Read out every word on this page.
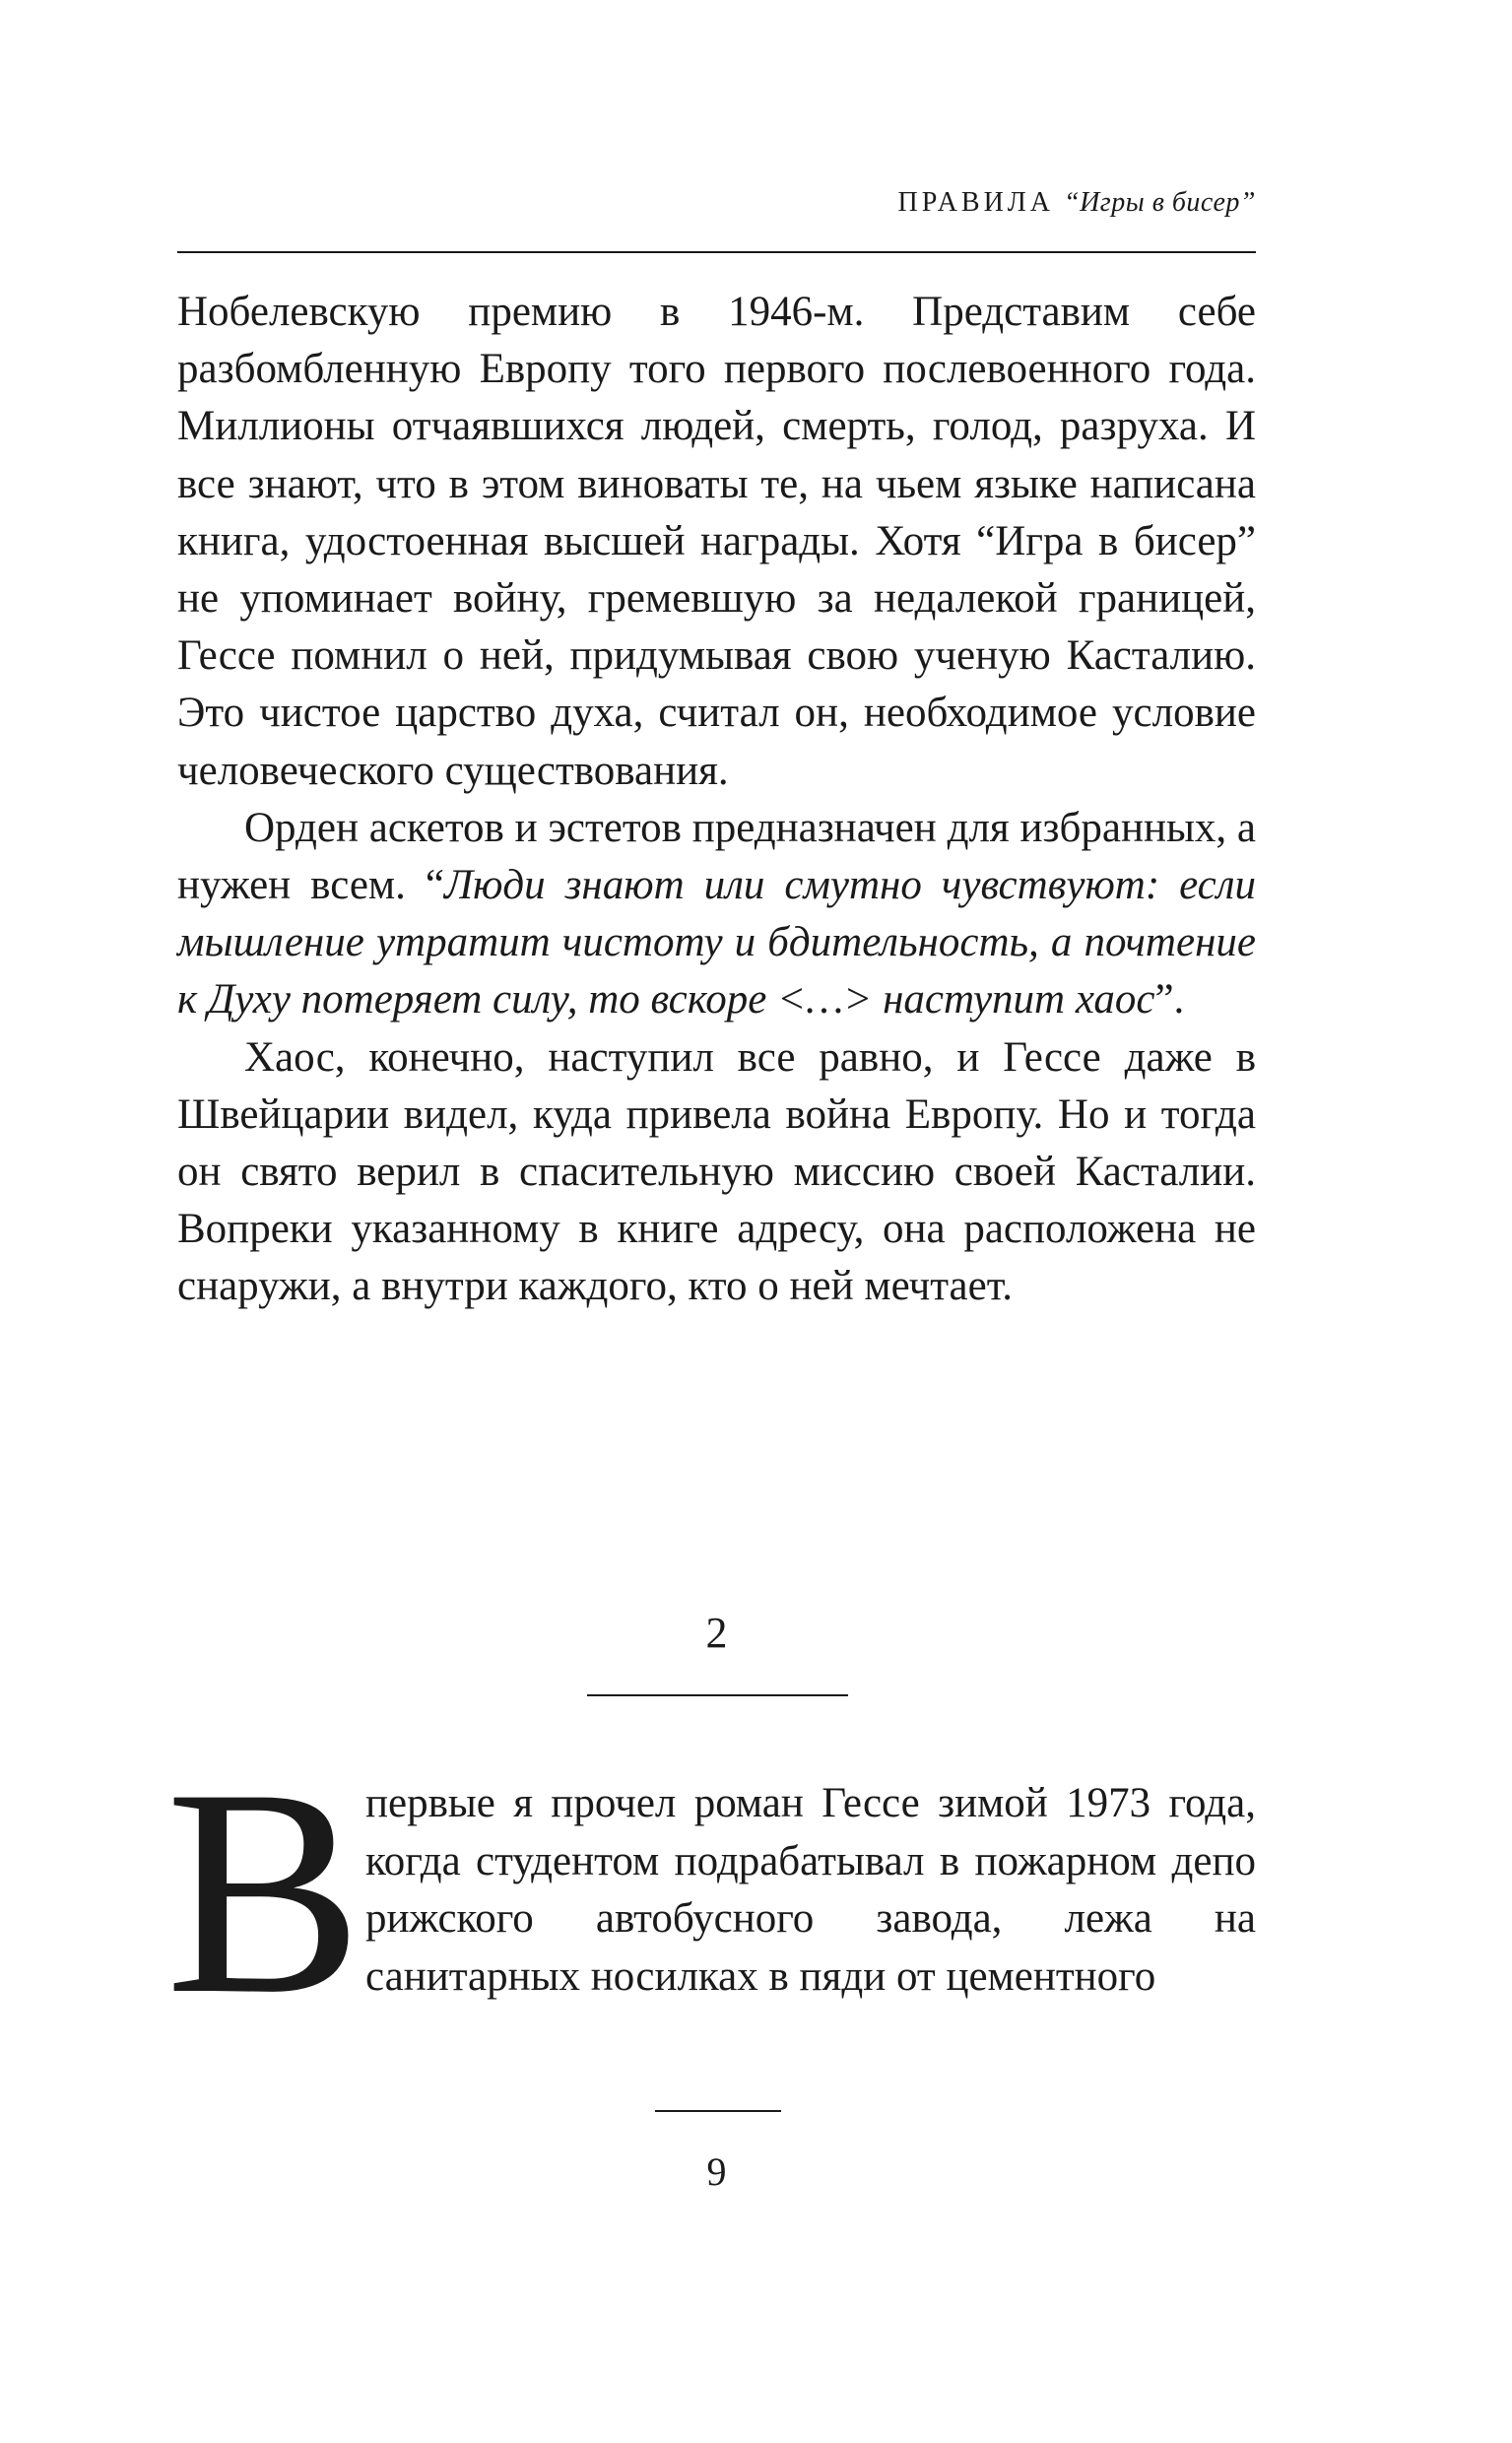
ПРАВИЛА “Игры в бисер”

Нобелевскую премию в 1946-м. Представим себе разбомбленную Европу того первого послевоенного года. Миллионы отчаявшихся людей, смерть, голод, разруха. И все знают, что в этом виноваты те, на чьем языке написана книга, удостоенная высшей награды. Хотя “Игра в бисер” не упоминает войну, гремевшую за недалекой границей, Гессе помнил о ней, придумывая свою ученую Касталию. Это чистое царство духа, считал он, необходимое условие человеческого существования.

Орден аскетов и эстетов предназначен для избранных, а нужен всем. “Люди знают или смутно чувствуют: если мышление утратит чистоту и бдительность, а почтение к Духу потеряет силу, то вскоре <…> наступит хаос”.

Хаос, конечно, наступил все равно, и Гессе даже в Швейцарии видел, куда привела война Европу. Но и тогда он свято верил в спасительную миссию своей Касталии. Вопреки указанному в книге адресу, она расположена не снаружи, а внутри каждого, кто о ней мечтает.

2
В первые я прочел роман Гессе зимой 1973 года, когда студентом подрабатывал в пожарном депо рижского автобусного завода, лежа на санитарных носилках в пяди от цементного

9
